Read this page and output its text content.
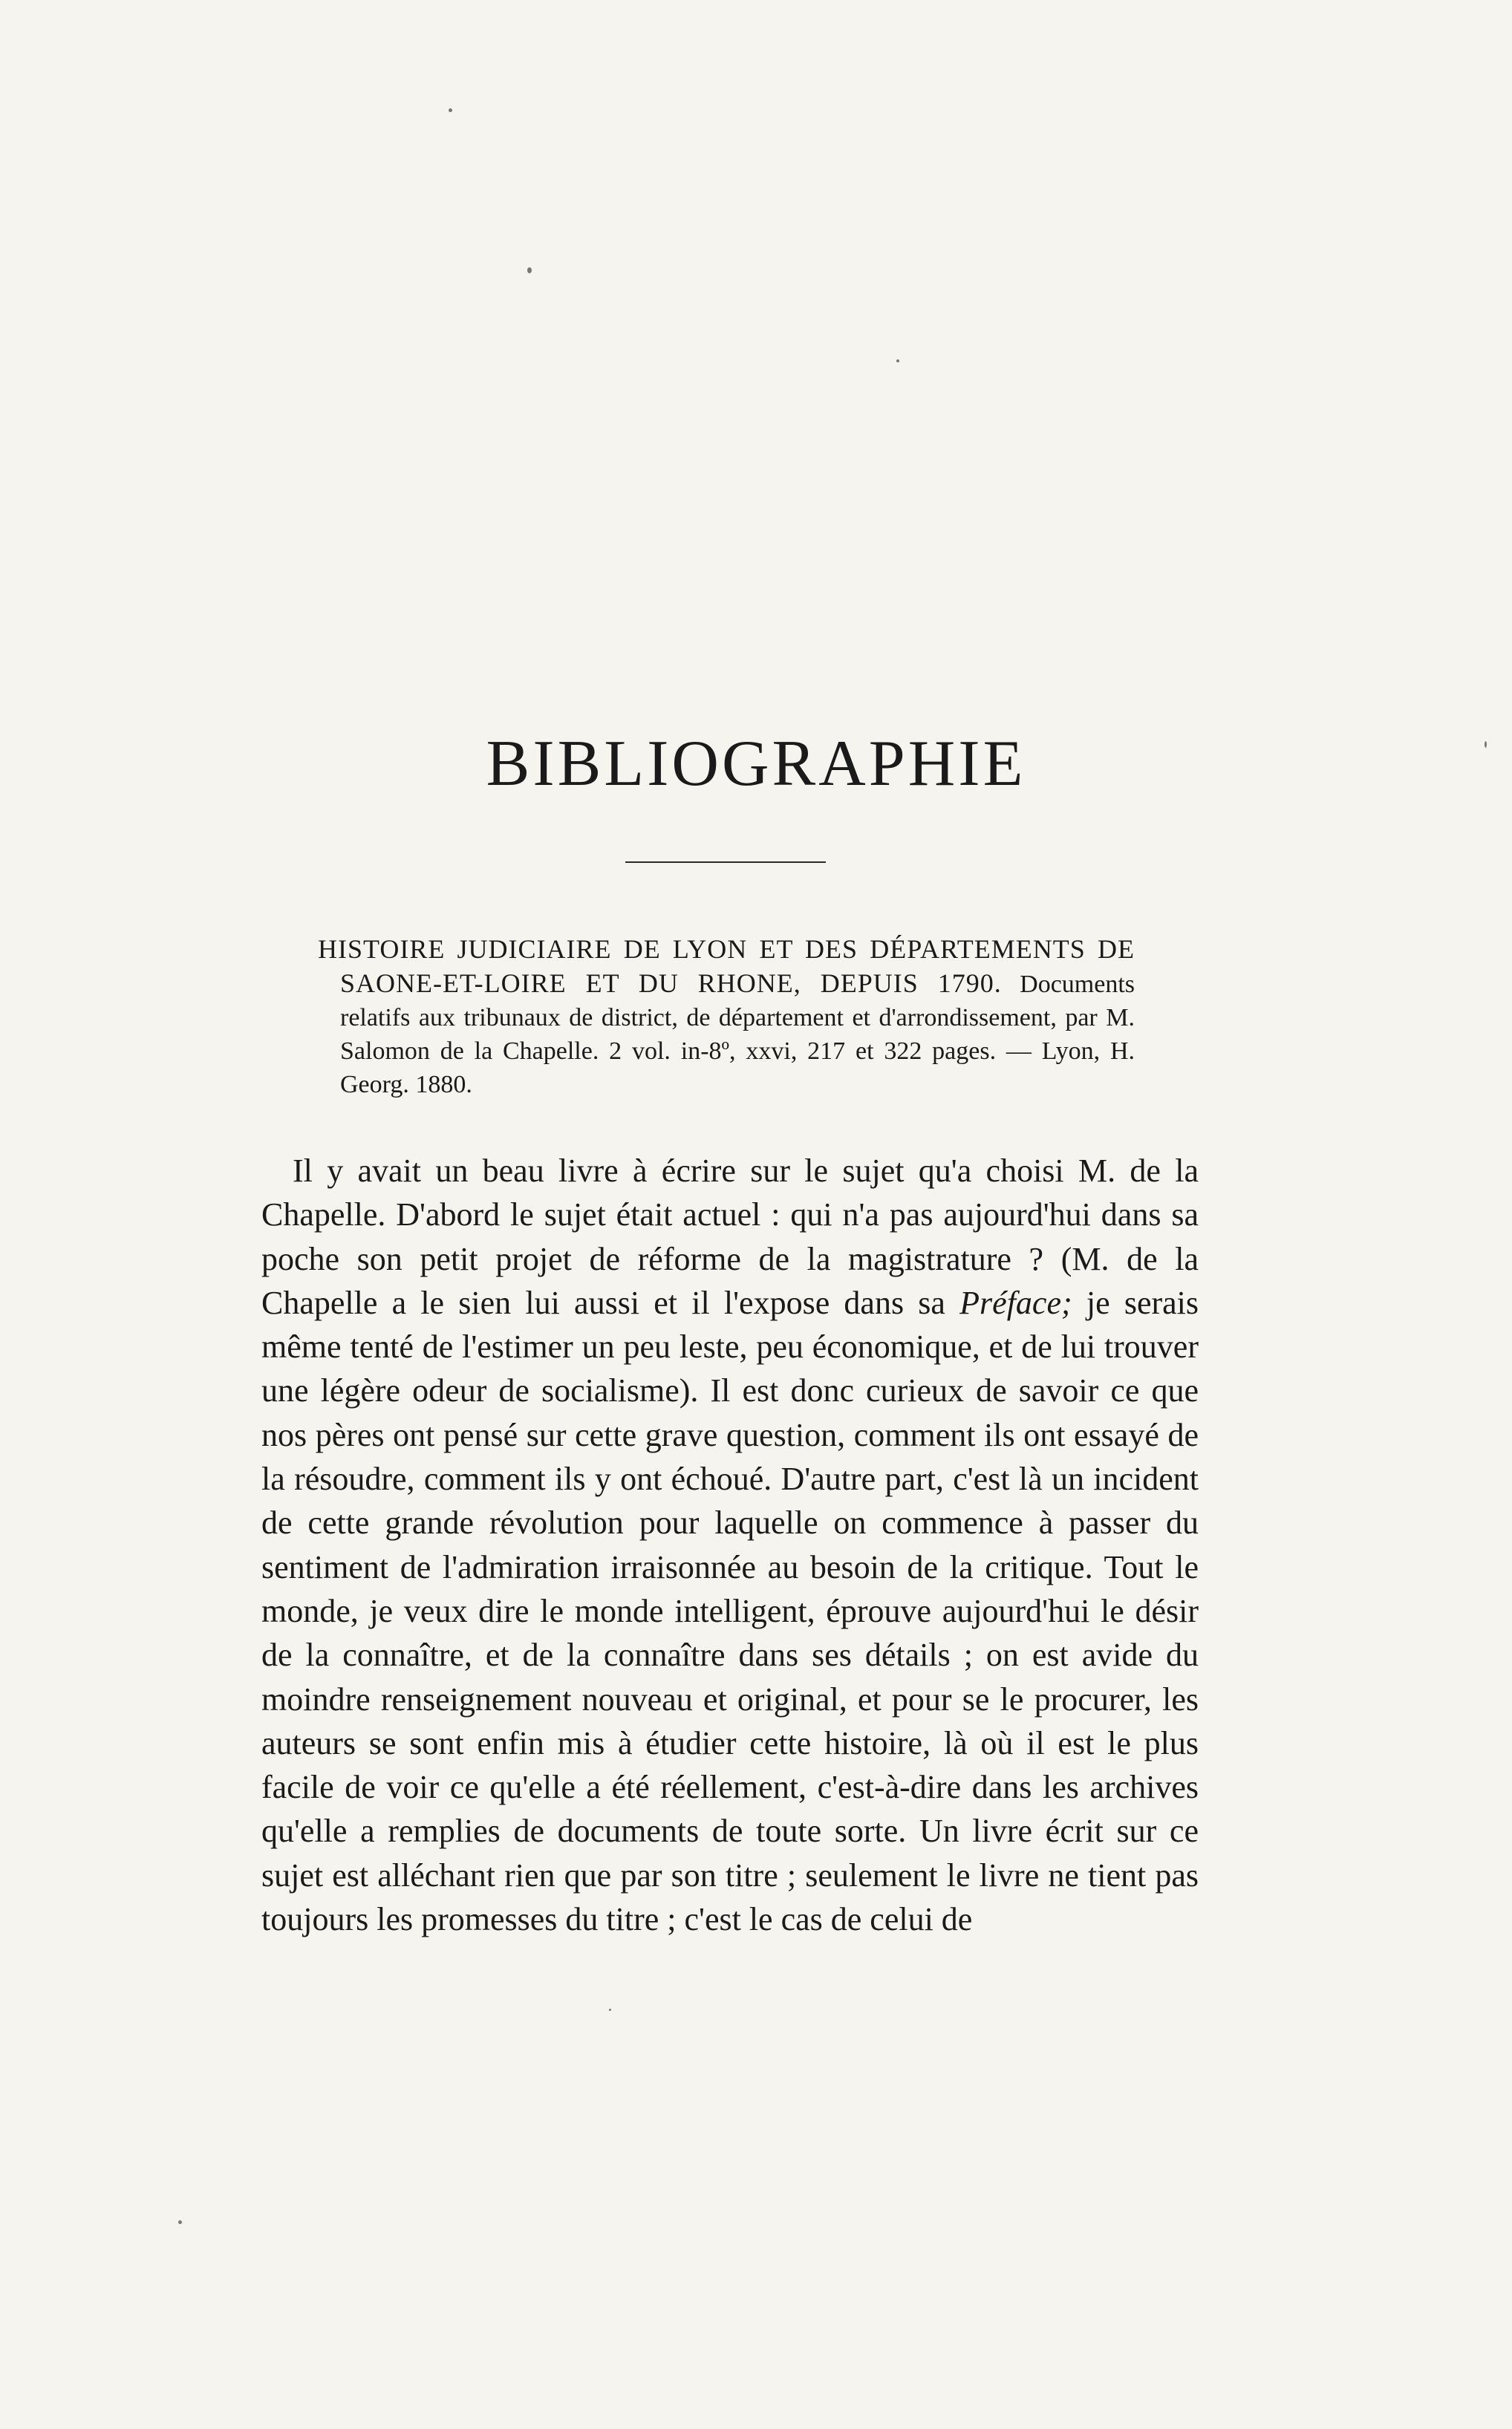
BIBLIOGRAPHIE
HISTOIRE JUDICIAIRE DE LYON ET DES DÉPARTEMENTS DE SAONE-ET-LOIRE ET DU RHONE, DEPUIS 1790. Documents relatifs aux tribunaux de district, de département et d'arrondissement, par M. Salomon de la Chapelle. 2 vol. in-8º, xxvi, 217 et 322 pages. — Lyon, H. Georg. 1880.

Il y avait un beau livre à écrire sur le sujet qu'a choisi M. de la Chapelle. D'abord le sujet était actuel : qui n'a pas aujourd'hui dans sa poche son petit projet de réforme de la magistrature ? (M. de la Chapelle a le sien lui aussi et il l'expose dans sa Préface; je serais même tenté de l'estimer un peu leste, peu économique, et de lui trouver une légère odeur de socialisme). Il est donc curieux de savoir ce que nos pères ont pensé sur cette grave question, comment ils ont essayé de la résoudre, comment ils y ont échoué. D'autre part, c'est là un incident de cette grande révolution pour laquelle on commence à passer du sentiment de l'admiration irraisonnée au besoin de la critique. Tout le monde, je veux dire le monde intelligent, éprouve aujourd'hui le désir de la connaître, et de la connaître dans ses détails ; on est avide du moindre renseignement nouveau et original, et pour se le procurer, les auteurs se sont enfin mis à étudier cette histoire, là où il est le plus facile de voir ce qu'elle a été réellement, c'est-à-dire dans les archives qu'elle a remplies de documents de toute sorte. Un livre écrit sur ce sujet est alléchant rien que par son titre ; seulement le livre ne tient pas toujours les promesses du titre ; c'est le cas de celui de
